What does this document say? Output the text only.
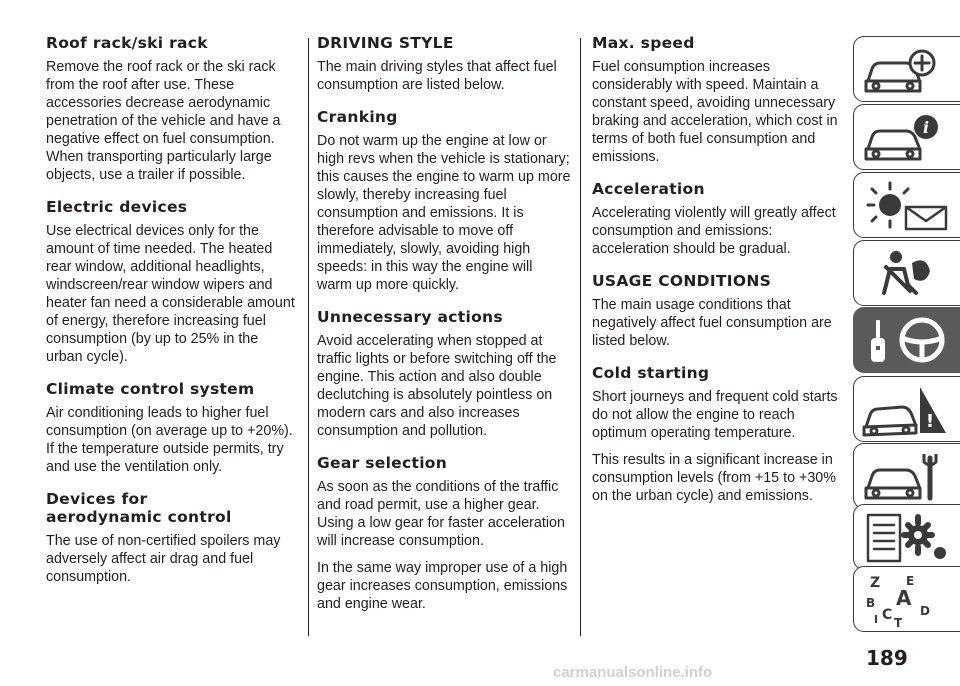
Roof rack/ski rack

Remove the roof rack or the ski rack from the roof after use. These accessories decrease aerodynamic penetration of the vehicle and have a negative effect on fuel consumption. When transporting particularly large objects, use a trailer if possible.

Electric devices

Use electrical devices only for the amount of time needed. The heated rear window, additional headlights, windscreen/rear window wipers and heater fan need a considerable amount of energy, therefore increasing fuel consumption (by up to 25% in the urban cycle).

Climate control system

Air conditioning leads to higher fuel consumption (on average up to +20%). If the temperature outside permits, try and use the ventilation only.

Devices for
aerodynamic control

The use of non-certified spoilers may adversely affect air drag and fuel consumption.

DRIVING STYLE

The main driving styles that affect fuel consumption are listed below.

Cranking

Do not warm up the engine at low or high revs when the vehicle is stationary; this causes the engine to warm up more slowly, thereby increasing fuel consumption and emissions. It is therefore advisable to move off immediately, slowly, avoiding high speeds: in this way the engine will warm up more quickly.

Unnecessary actions

Avoid accelerating when stopped at traffic lights or before switching off the engine. This action and also double declutching is absolutely pointless on modern cars and also increases consumption and pollution.

Gear selection

As soon as the conditions of the traffic and road permit, use a higher gear. Using a low gear for faster acceleration will increase consumption.

In the same way improper use of a high gear increases consumption, emissions and engine wear.

Max. speed

Fuel consumption increases considerably with speed. Maintain a constant speed, avoiding unnecessary braking and acceleration, which cost in terms of both fuel consumption and emissions.

Acceleration

Accelerating violently will greatly affect consumption and emissions: acceleration should be gradual.

USAGE CONDITIONS

The main usage conditions that negatively affect fuel consumption are listed below.

Cold starting

Short journeys and frequent cold starts do not allow the engine to reach optimum operating temperature.

This results in a significant increase in consumption levels (from +15 to +30% on the urban cycle) and emissions.

i
!
Z E
A
B
C D
I T
189
carmanualsonline.info
